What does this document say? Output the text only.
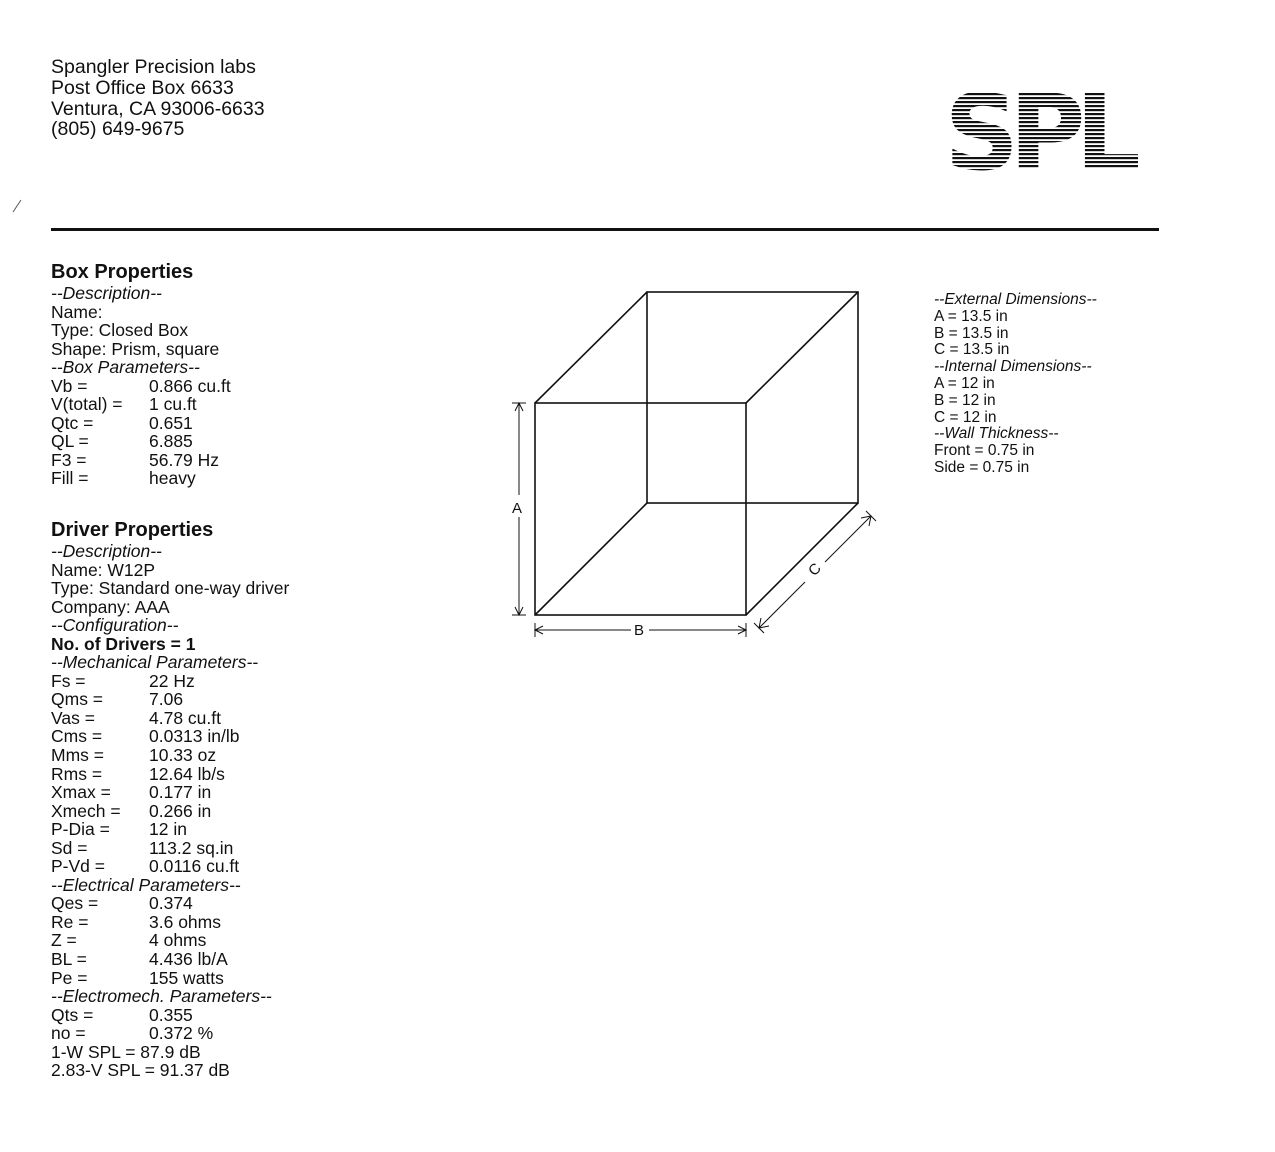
Spangler Precision labs
Post Office Box 6633
Ventura, CA 93006-6633
(805) 649-9675	SPL
Box Properties
--Description--
Name:
Type: Closed Box
Shape: Prism, square
--Box Parameters--
Vb =	0.866 cu.ft
V(total) =	1 cu.ft
Qtc =	0.651
QL =	6.885
F3 =	56.79 Hz
Fill =	heavy
Driver Properties
--Description--
Name: W12P
Type: Standard one-way driver
Company: AAA
--Configuration--
No. of Drivers = 1
--Mechanical Parameters--
Fs =	22 Hz
Qms =	7.06
Vas =	4.78 cu.ft
Cms =	0.0313 in/lb
Mms =	10.33 oz
Rms =	12.64 lb/s
Xmax =	0.177 in
Xmech =	0.266 in
P-Dia =	12 in
Sd =	113.2 sq.in
P-Vd =	0.0116 cu.ft
--Electrical Parameters--
Qes =	0.374
Re =	3.6 ohms
Z =	4 ohms
BL =	4.436 lb/A
Pe =	155 watts
--Electromech. Parameters--
Qts =	0.355
no =	0.372 %
1-W SPL = 87.9 dB
2.83-V SPL = 91.37 dB
A
B
C
--External Dimensions--
A = 13.5 in
B = 13.5 in
C = 13.5 in
--Internal Dimensions--
A = 12 in
B = 12 in
C = 12 in
--Wall Thickness--
Front = 0.75 in
Side = 0.75 in
